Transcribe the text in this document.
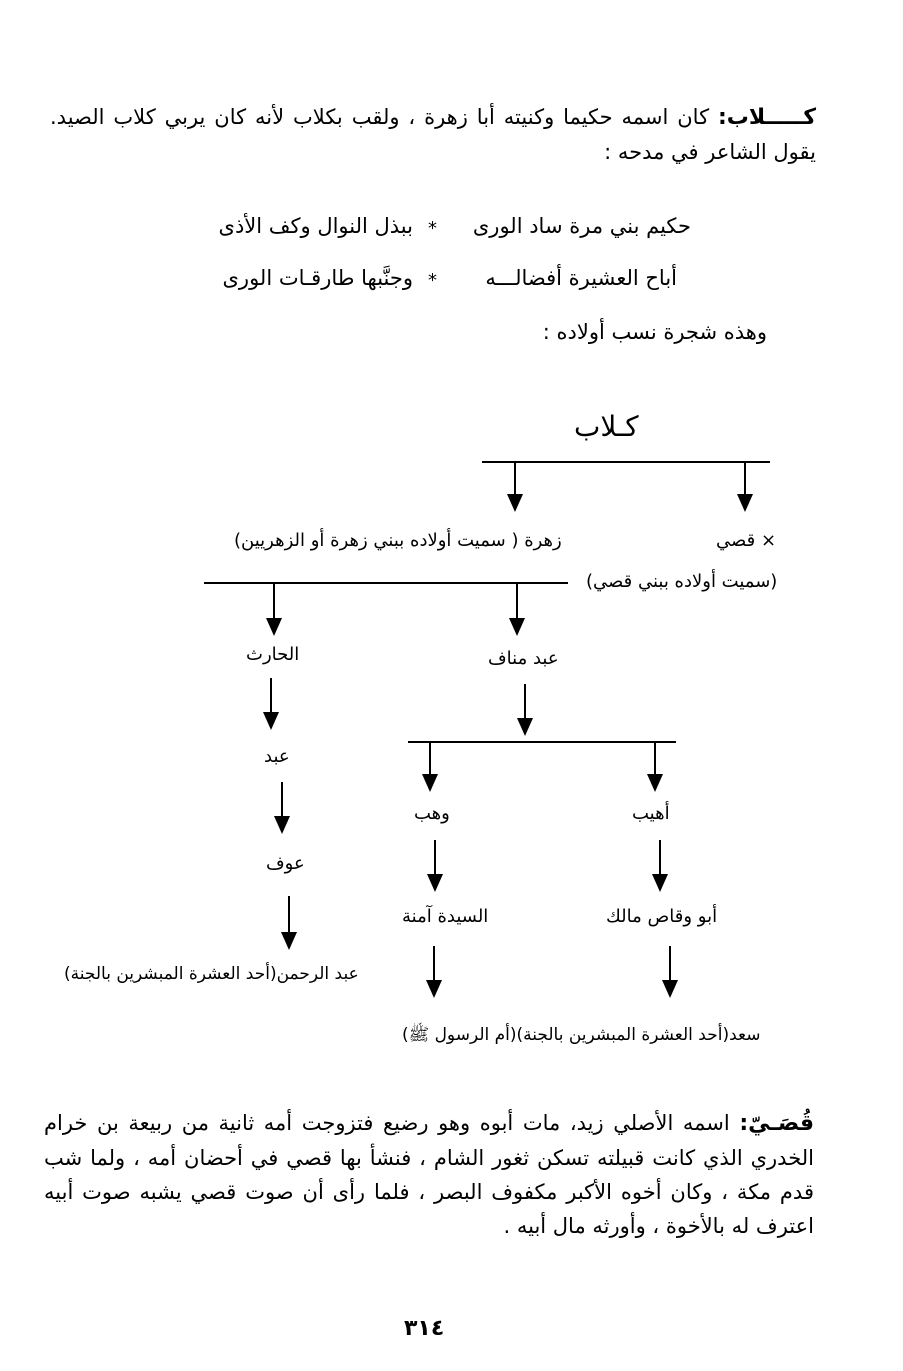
كـــــلاب: كان اسمه حكيما وكنيته أبا زهرة ، ولقب بكلاب لأنه كان يربي كلاب الصيد. يقول الشاعر في مدحه :

حكيم بني مرة ساد الورى
*
ببذل النوال وكف الأذى
أباح العشيرة أفضالـــه
*
وجنَّبها طارقـات الورى
وهذه شجرة نسب أولاده :
كـلاب
× قصي
زهرة ( سميت أولاده ببني زهرة أو الزهريين)
(سميت أولاده ببني قصي)
الحارث	عبد مناف
عبد
وهب	أهيب
عوف
السيدة آمنة	أبو وقاص مالك
عبد الرحمن(أحد العشرة المبشرين بالجنة)
سعد(أحد العشرة المبشرين بالجنة)(أم الرسول ﷺ)

قُصَـيّ: اسمه الأصلي زيد، مات أبوه وهو رضيع فتزوجت أمه ثانية من ربيعة بن خرام الخدري الذي كانت قبيلته تسكن ثغور الشام ، فنشأ بها قصي في أحضان أمه ، ولما شب قدم مكة ، وكان أخوه الأكبر مكفوف البصر ، فلما رأى أن صوت قصي يشبه صوت أبيه اعترف له بالأخوة ، وأورثه مال أبيه .

٣١٤
